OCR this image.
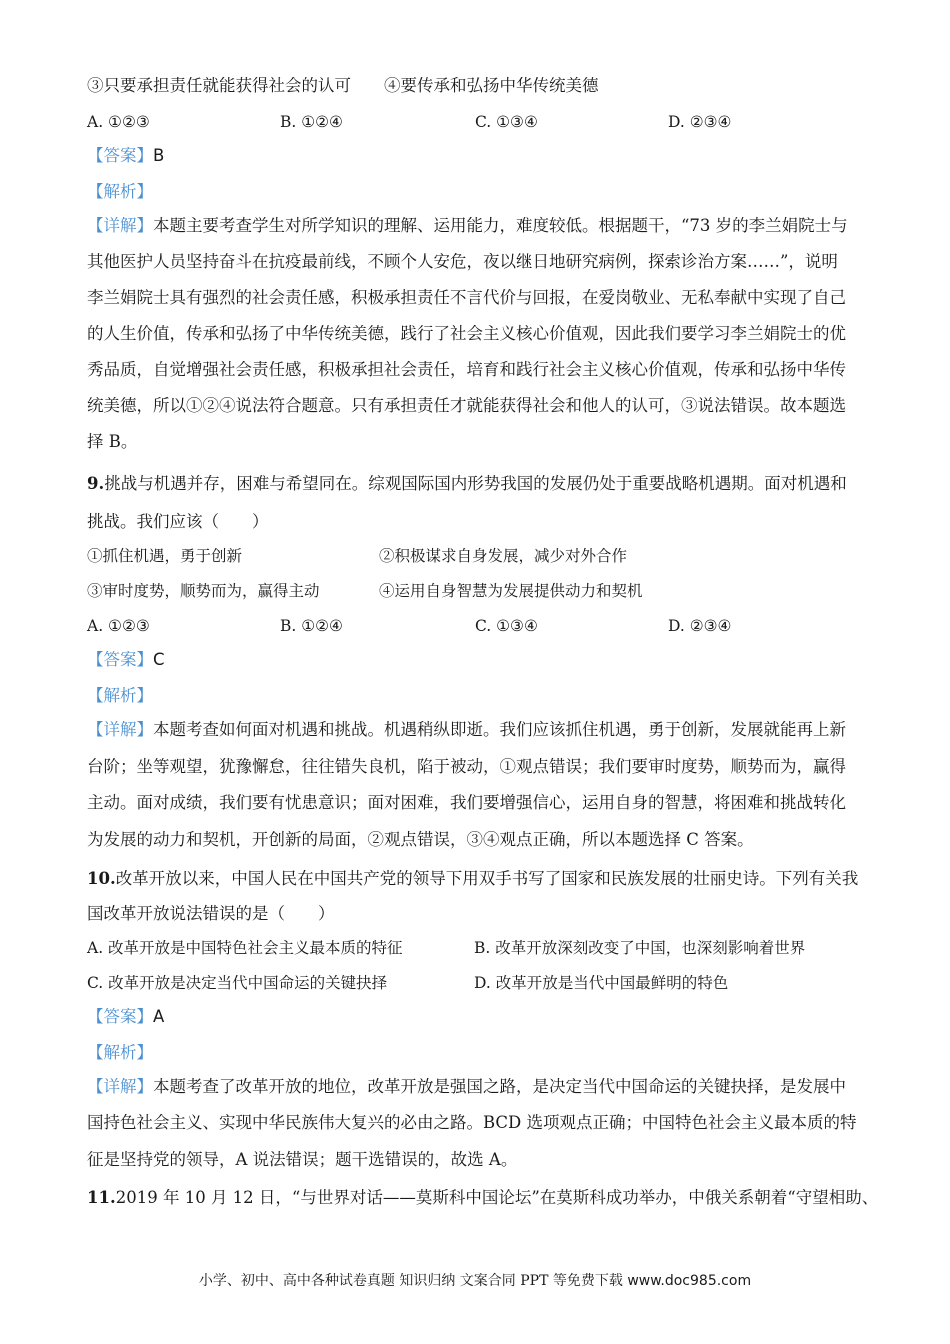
③只要承担责任就能获得社会的认可　　④要传承和弘扬中华传统美德
A. ①②③	B. ①②④	C. ①③④	D. ②③④
【答案】B
【解析】
【详解】本题主要考查学生对所学知识的理解、运用能力，难度较低。根据题干，“73 岁的李兰娟院士与
其他医护人员坚持奋斗在抗疫最前线，不顾个人安危，夜以继日地研究病例，探索诊治方案……”，说明
李兰娟院士具有强烈的社会责任感，积极承担责任不言代价与回报，在爱岗敬业、无私奉献中实现了自己
的人生价值，传承和弘扬了中华传统美德，践行了社会主义核心价值观，因此我们要学习李兰娟院士的优
秀品质，自觉增强社会责任感，积极承担社会责任，培育和践行社会主义核心价值观，传承和弘扬中华传
统美德，所以①②④说法符合题意。只有承担责任才就能获得社会和他人的认可，③说法错误。故本题选
择 B。
9.挑战与机遇并存，困难与希望同在。综观国际国内形势我国的发展仍处于重要战略机遇期。面对机遇和
挑战。我们应该（　　）
①抓住机遇，勇于创新	②积极谋求自身发展，减少对外合作
③审时度势，顺势而为，赢得主动	④运用自身智慧为发展提供动力和契机
A. ①②③	B. ①②④	C. ①③④	D. ②③④
【答案】C
【解析】
【详解】本题考查如何面对机遇和挑战。机遇稍纵即逝。我们应该抓住机遇，勇于创新，发展就能再上新
台阶；坐等观望，犹豫懈怠，往往错失良机，陷于被动，①观点错误；我们要审时度势，顺势而为，赢得
主动。面对成绩，我们要有忧患意识；面对困难，我们要增强信心，运用自身的智慧，将困难和挑战转化
为发展的动力和契机，开创新的局面，②观点错误，③④观点正确，所以本题选择 C 答案。
10.改革开放以来，中国人民在中国共产党的领导下用双手书写了国家和民族发展的壮丽史诗。下列有关我
国改革开放说法错误的是（　　）
A. 改革开放是中国特色社会主义最本质的特征	B. 改革开放深刻改变了中国，也深刻影响着世界
C. 改革开放是决定当代中国命运的关键抉择	D. 改革开放是当代中国最鲜明的特色
【答案】A
【解析】
【详解】本题考查了改革开放的地位，改革开放是强国之路，是决定当代中国命运的关键抉择，是发展中
国持色社会主义、实现中华民族伟大复兴的必由之路。BCD 选项观点正确；中国特色社会主义最本质的特
征是坚持党的领导，A 说法错误；题干选错误的，故选 A。
11.2019 年 10 月 12 日，“与世界对话——莫斯科中国论坛”在莫斯科成功举办，中俄关系朝着“守望相助、
小学、初中、高中各种试卷真题 知识归纳 文案合同 PPT 等免费下载 www.doc985.com
